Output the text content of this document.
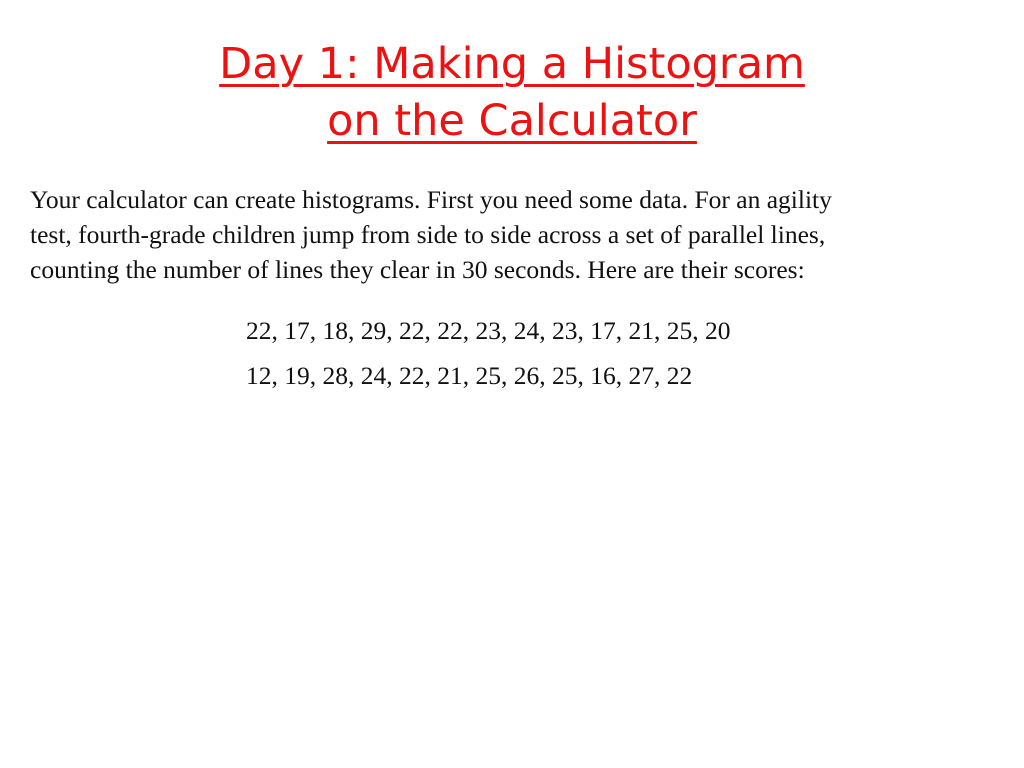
Day 1: Making a Histogram
on the Calculator
Your calculator can create histograms. First you need some data. For an agility
test, fourth-grade children jump from side to side across a set of parallel lines,
counting the number of lines they clear in 30 seconds. Here are their scores:
22, 17, 18, 29, 22, 22, 23, 24, 23, 17, 21, 25, 20
12, 19, 28, 24, 22, 21, 25, 26, 25, 16, 27, 22
